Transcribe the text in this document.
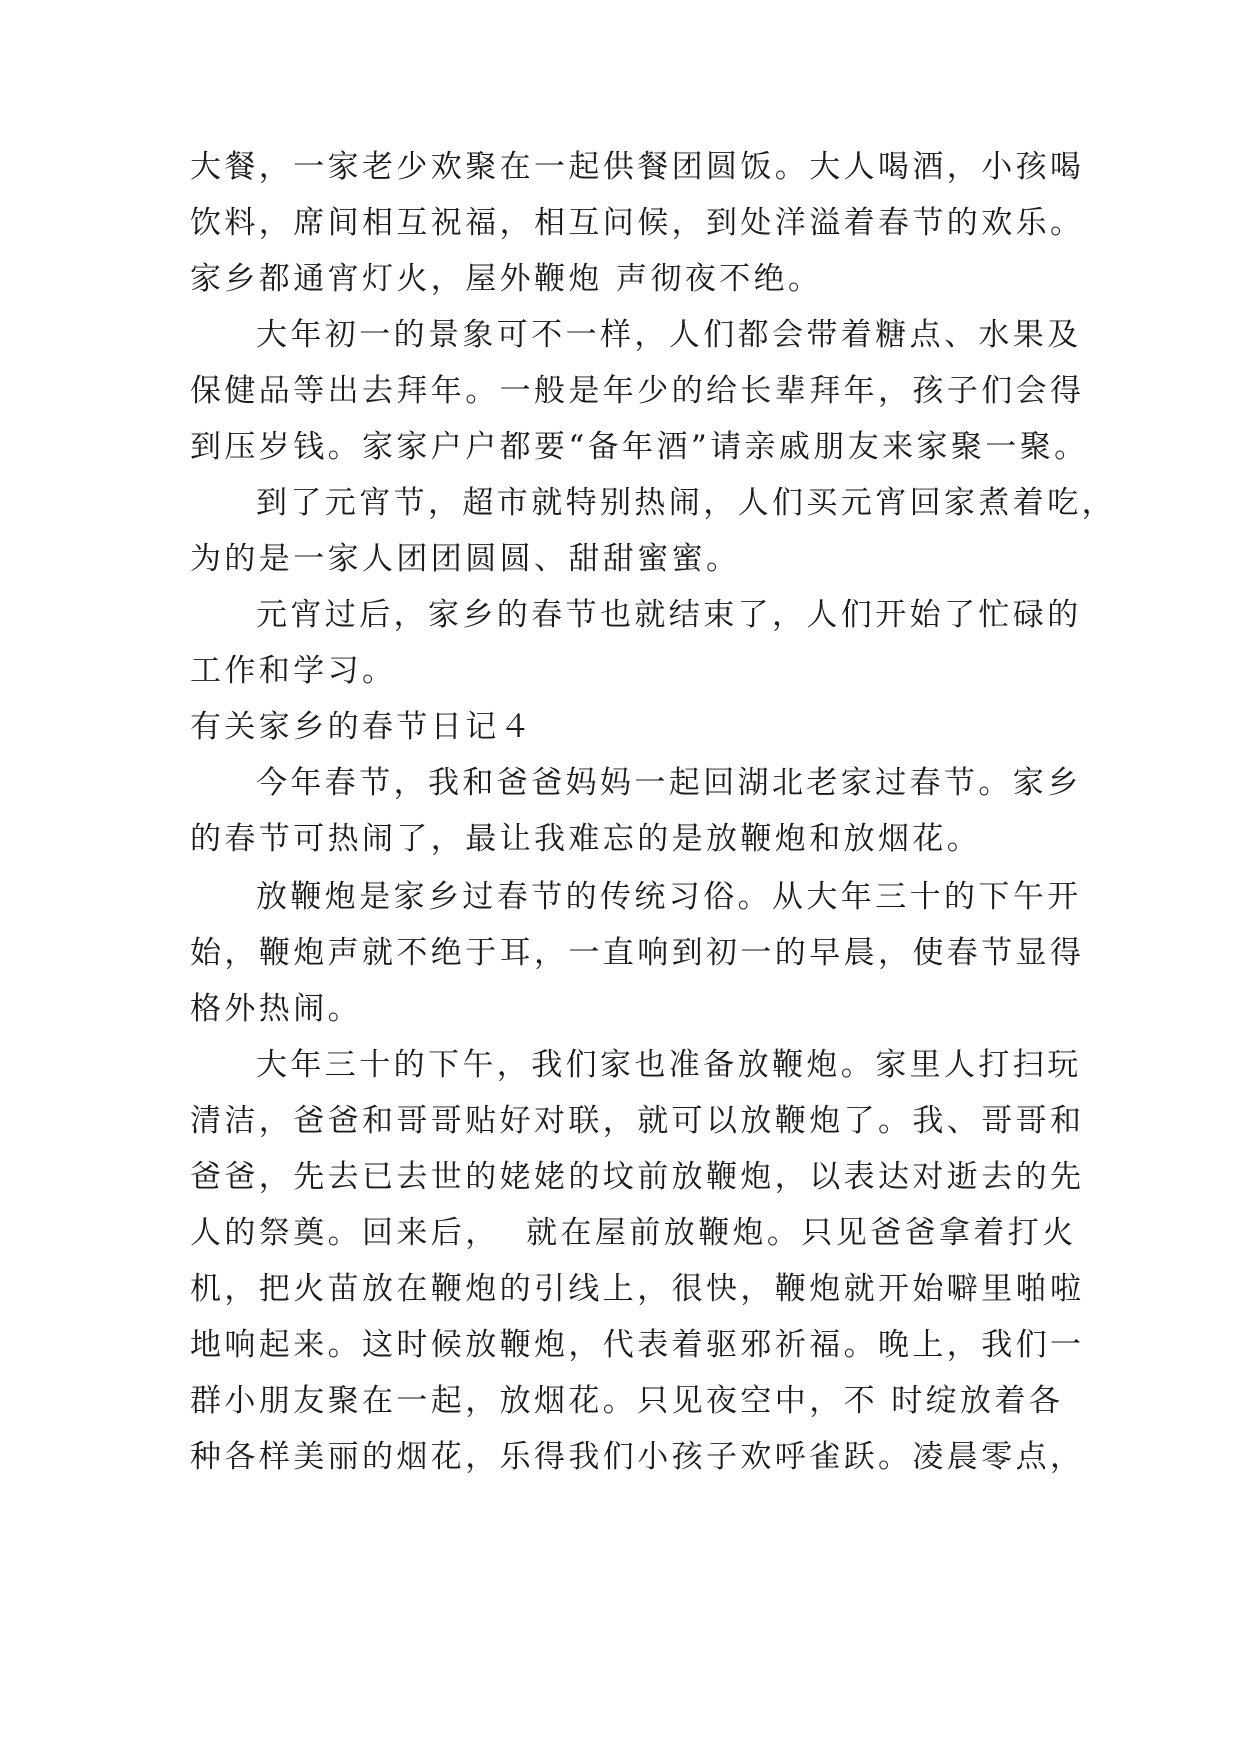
大餐，一家老少欢聚在一起供餐团圆饭。大人喝酒，小孩喝
饮料，席间相互祝福，相互问候，到处洋溢着春节的欢乐。
家乡都通宵灯火，屋外鞭炮 声彻夜不绝。
大年初一的景象可不一样，人们都会带着糖点、水果及
保健品等出去拜年。一般是年少的给长辈拜年，孩子们会得
到压岁钱。家家户户都要“备年酒”请亲戚朋友来家聚一聚。
到了元宵节，超市就特别热闹，人们买元宵回家煮着吃，
为的是一家人团团圆圆、甜甜蜜蜜。
元宵过后，家乡的春节也就结束了，人们开始了忙碌的
工作和学习。
有关家乡的春节日记４
今年春节，我和爸爸妈妈一起回湖北老家过春节。家乡
的春节可热闹了，最让我难忘的是放鞭炮和放烟花。
放鞭炮是家乡过春节的传统习俗。从大年三十的下午开
始，鞭炮声就不绝于耳，一直响到初一的早晨，使春节显得
格外热闹。
大年三十的下午，我们家也准备放鞭炮。家里人打扫玩
清洁，爸爸和哥哥贴好对联，就可以放鞭炮了。我、哥哥和
爸爸，先去已去世的姥姥的坟前放鞭炮，以表达对逝去的先
人的祭奠。回来后，  就在屋前放鞭炮。只见爸爸拿着打火
机，把火苗放在鞭炮的引线上，很快，鞭炮就开始噼里啪啦
地响起来。这时候放鞭炮，代表着驱邪祈福。晚上，我们一
群小朋友聚在一起，放烟花。只见夜空中，不 时绽放着各
种各样美丽的烟花，乐得我们小孩子欢呼雀跃。凌晨零点，
